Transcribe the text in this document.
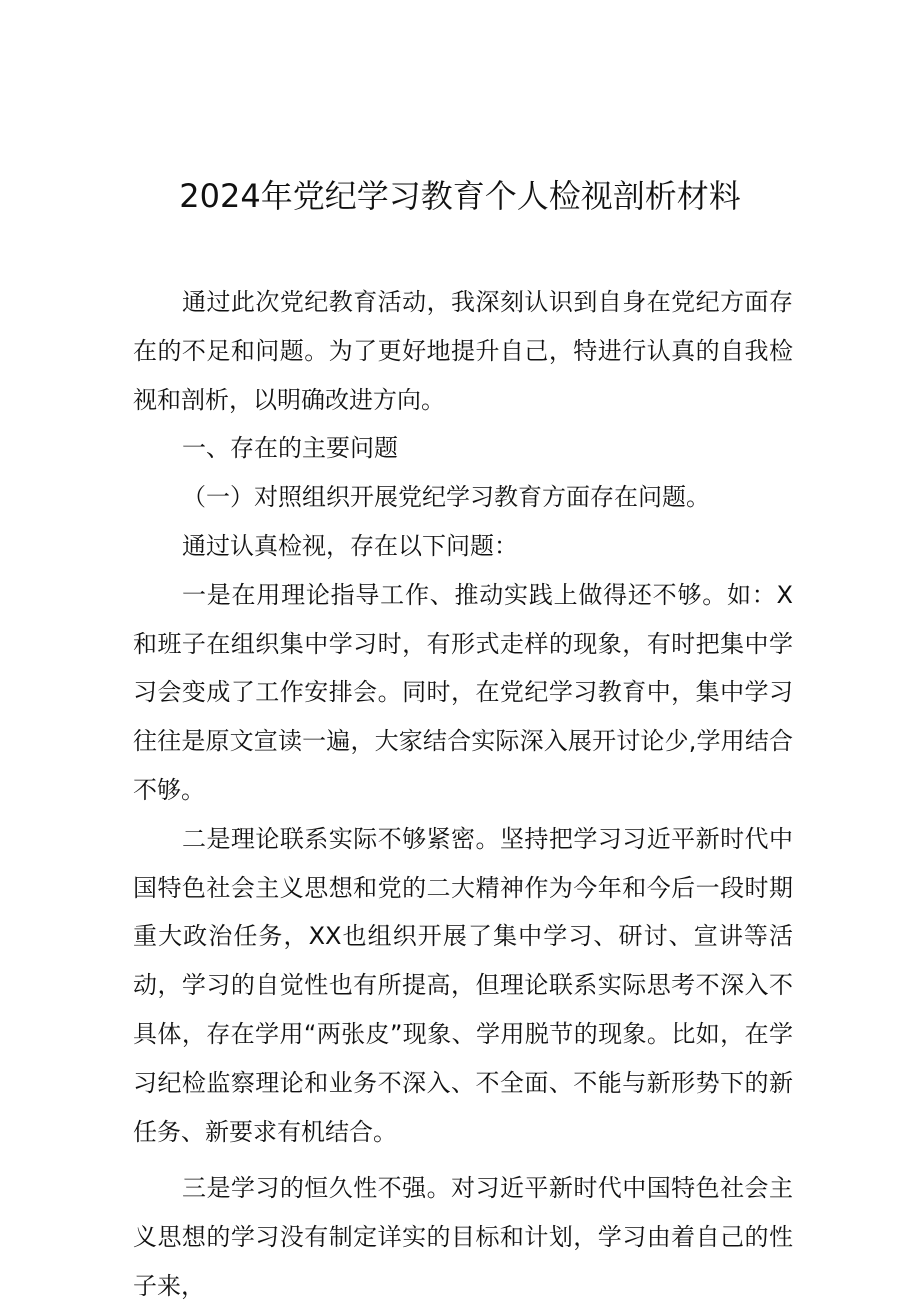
2024年党纪学习教育个人检视剖析材料

通过此次党纪教育活动，我深刻认识到自身在党纪方面存在的不足和问题。为了更好地提升自己，特进行认真的自我检视和剖析，以明确改进方向。

一、存在的主要问题

（一）对照组织开展党纪学习教育方面存在问题。

通过认真检视，存在以下问题：

一是在用理论指导工作、推动实践上做得还不够。如：X和班子在组织集中学习时，有形式走样的现象，有时把集中学习会变成了工作安排会。同时，在党纪学习教育中，集中学习往往是原文宣读一遍，大家结合实际深入展开讨论少,学用结合不够。

二是理论联系实际不够紧密。坚持把学习习近平新时代中国特色社会主义思想和党的二大精神作为今年和今后一段时期重大政治任务，XX也组织开展了集中学习、研讨、宣讲等活动，学习的自觉性也有所提高，但理论联系实际思考不深入不具体，存在学用“两张皮”现象、学用脱节的现象。比如，在学习纪检监察理论和业务不深入、不全面、不能与新形势下的新任务、新要求有机结合。

三是学习的恒久性不强。对习近平新时代中国特色社会主义思想的学习没有制定详实的目标和计划，学习由着自己的性子来，
